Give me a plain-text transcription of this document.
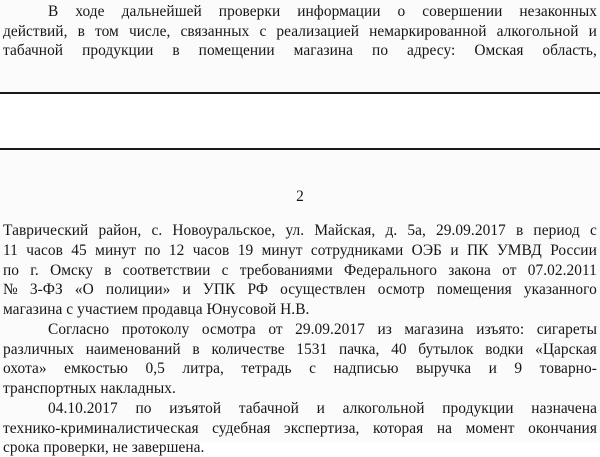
В ходе дальнейшей проверки информации о совершении незаконных
действий, в том числе, связанных с реализацией немаркированной алкогольной и
табачной продукции в помещении магазина по адресу: Омская область,
2
Таврический район, с. Новоуральское, ул. Майская, д. 5а, 29.09.2017 в период с
11 часов 45 минут по 12 часов 19 минут сотрудниками ОЭБ и ПК УМВД России
по г. Омску в соответствии с требованиями Федерального закона от 07.02.2011
№ 3-ФЗ «О полиции» и УПК РФ осуществлен осмотр помещения указанного
магазина с участием продавца Юнусовой Н.В.
Согласно протоколу осмотра от 29.09.2017 из магазина изъято: сигареты
различных наименований в количестве 1531 пачка, 40 бутылок водки «Царская
охота» емкостью 0,5 литра, тетрадь с надписью выручка и 9 товарно-
транспортных накладных.
04.10.2017 по изъятой табачной и алкогольной продукции назначена
технико-криминалистическая судебная экспертиза, которая на момент окончания
срока проверки, не завершена.
